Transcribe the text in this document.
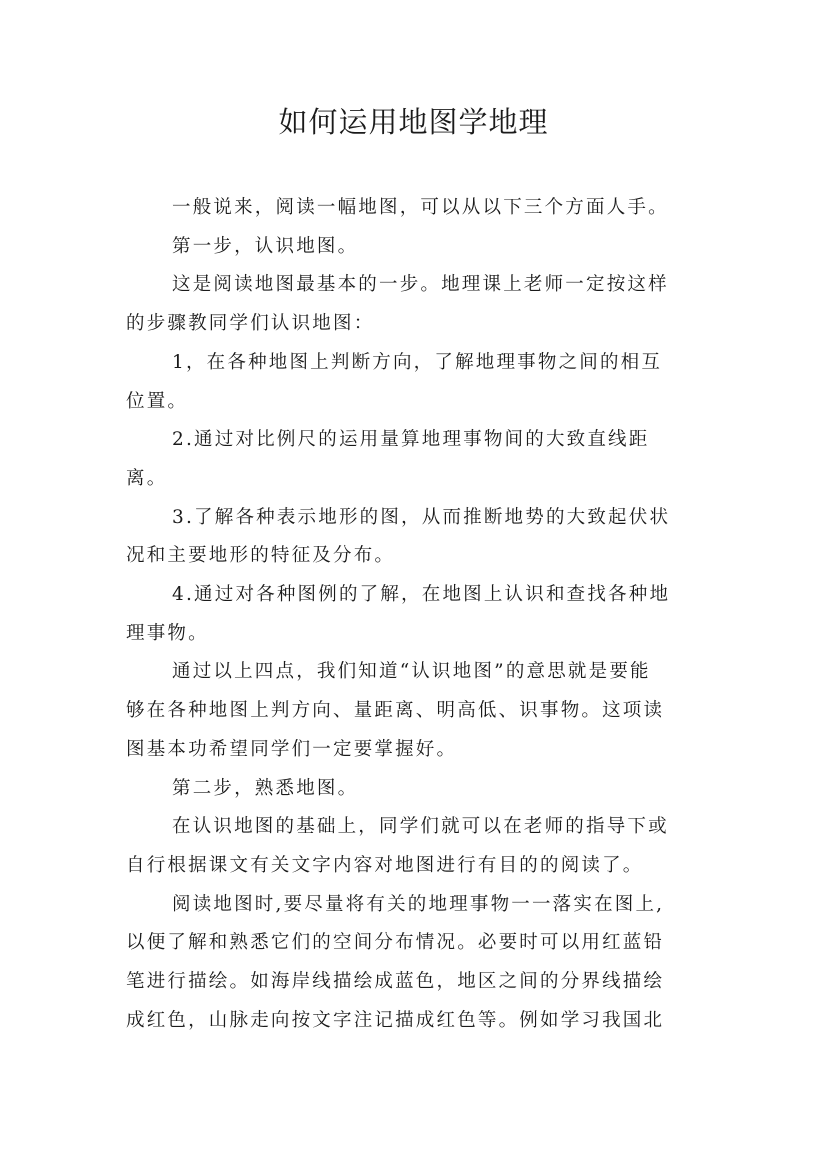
如何运用地图学地理

一般说来，阅读一幅地图，可以从以下三个方面人手。

第一步，认识地图。

这是阅读地图最基本的一步。地理课上老师一定按这样
的步骤教同学们认识地图：

1，在各种地图上判断方向，了解地理事物之间的相互
位置。

2.通过对比例尺的运用量算地理事物间的大致直线距
离。

3.了解各种表示地形的图，从而推断地势的大致起伏状
况和主要地形的特征及分布。

4.通过对各种图例的了解，在地图上认识和查找各种地
理事物。

通过以上四点，我们知道“认识地图”的意思就是要能
够在各种地图上判方向、量距离、明高低、识事物。这项读
图基本功希望同学们一定要掌握好。

第二步，熟悉地图。

在认识地图的基础上，同学们就可以在老师的指导下或
自行根据课文有关文字内容对地图进行有目的的阅读了。

阅读地图时,要尽量将有关的地理事物一一落实在图上,
以便了解和熟悉它们的空间分布情况。必要时可以用红蓝铅
笔进行描绘。如海岸线描绘成蓝色，地区之间的分界线描绘
成红色，山脉走向按文字注记描成红色等。例如学习我国北
